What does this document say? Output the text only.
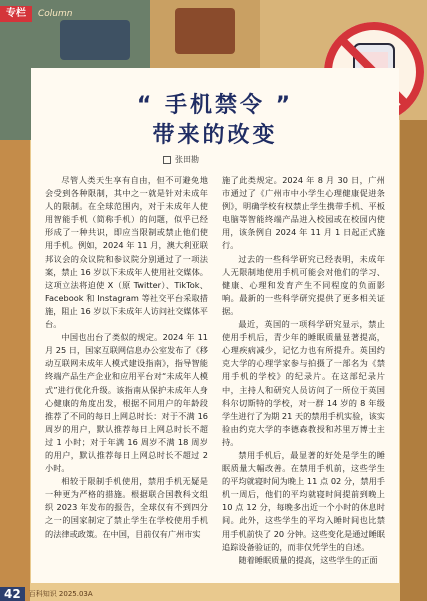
专栏	Column
“ 手机禁令 ”
带来的改变
张田勘

尽管人类天生享有自由，但不可避免地会受到各种限制，其中之一就是针对未成年人的限制。在全球范围内，对于未成年人使用智能手机（简称手机）的问题，似乎已经形成了一种共识，即应当限制或禁止他们使用手机。例如，2024 年 11 月，澳大利亚联邦议会的众议院和参议院分别通过了一项法案，禁止 16 岁以下未成年人使用社交媒体。这项立法将迫使 X（原 Twitter）、TikTok、Facebook 和 Instagram 等社交平台采取措施，阻止 16 岁以下未成年人访问社交媒体平台。

中国也出台了类似的规定。2024 年 11 月 25 日，国家互联网信息办公室发布了《移动互联网未成年人模式建设指南》，指导智能终端产品生产企业和应用平台对“未成年人模式”进行优化升级。该指南从保护未成年人身心健康的角度出发，根据不同用户的年龄段推荐了不同的每日上网总时长：对于不满 16 周岁的用户，默认推荐每日上网总时长不超过 1 小时；对于年满 16 周岁不满 18 周岁的用户，默认推荐每日上网总时长不超过 2 小时。

相较于限制手机使用，禁用手机无疑是一种更为严格的措施。根据联合国教科文组织 2023 年发布的报告，全球仅有不到四分之一的国家制定了禁止学生在学校使用手机的法律或政策。在中国，目前仅有广州市实

施了此类规定。2024 年 8 月 30 日，广州市通过了《广州市中小学生心理健康促进条例》，明确学校有权禁止学生携带手机、平板电脑等智能终端产品进入校园或在校园内使用，该条例自 2024 年 11 月 1 日起正式施行。

过去的一些科学研究已经表明，未成年人无限制地使用手机可能会对他们的学习、健康、心理和发育产生不同程度的负面影响。最新的一些科学研究提供了更多相关证据。

最近，英国的一项科学研究显示，禁止使用手机后，青少年的睡眠质量显著提高，心理疾病减少，记忆力也有所提升。英国约克大学的心理学家参与拍摄了一部名为《禁用手机的学校》的纪录片。在这部纪录片中，主持人和研究人员访问了一所位于英国科尔切斯特的学校，对一群 14 岁的 8 年级学生进行了为期 21 天的禁用手机实验，该实验由约克大学的李德森教授和苏里万博士主持。

禁用手机后，最显著的好处是学生的睡眠质量大幅改善。在禁用手机前，这些学生的平均就寝时间为晚上 11 点 02 分，禁用手机一周后，他们的平均就寝时间提前到晚上 10 点 12 分，每晚多出近一个小时的休息时间。此外，这些学生的平均入睡时间也比禁用手机前快了 20 分钟。这些变化是通过睡眠追踪设备验证的，而非仅凭学生的自述。

随着睡眠质量的提高，这些学生的正面

42	百科知识 2025.03A
